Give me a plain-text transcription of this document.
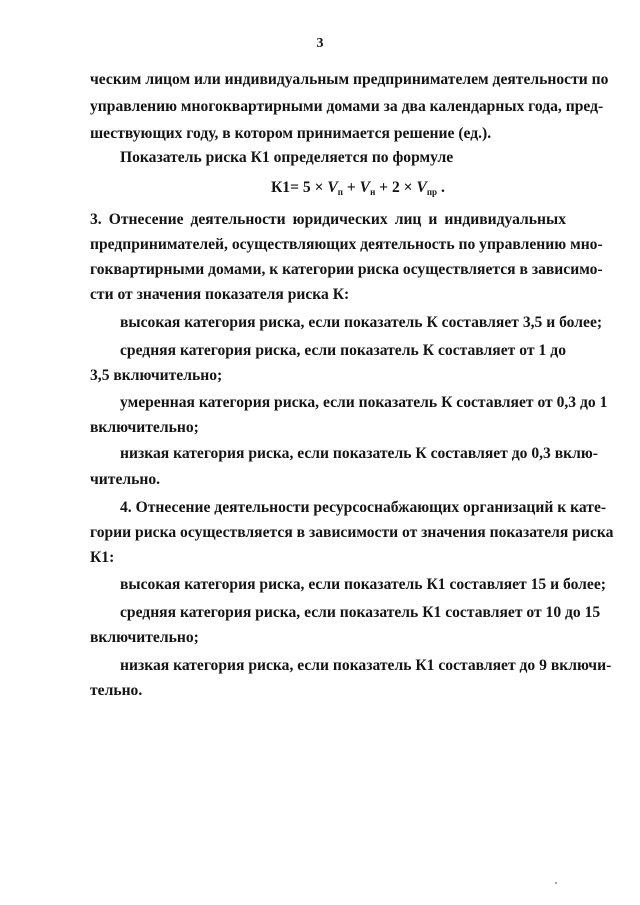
3

ческим лицом или индивидуальным предпринимателем деятельности по

управлению многоквартирными домами за два календарных года, пред-

шествующих году, в котором принимается решение (ед.).

Показатель риска К1 определяется по формуле

$К1= 5 \times V_п + V_н + 2 \times V_{пр}$ .

3. Отнесение деятельности юридических лиц и индивидуальных

предпринимателей, осуществляющих деятельность по управлению мно-

гоквартирными домами, к категории риска осуществляется в зависимо-

сти от значения показателя риска К:

высокая категория риска, если показатель К составляет 3,5 и более;

средняя категория риска, если показатель К составляет от 1 до

3,5 включительно;

умеренная категория риска, если показатель К составляет от 0,3 до 1

включительно;

низкая категория риска, если показатель К составляет до 0,3 вклю-

чительно.

4. Отнесение деятельности ресурсоснабжающих организаций к кате-

гории риска осуществляется в зависимости от значения показателя риска

К1:

высокая категория риска, если показатель К1 составляет 15 и более;

средняя категория риска, если показатель К1 составляет от 10 до 15

включительно;

низкая категория риска, если показатель К1 составляет до 9 включи-

тельно.
